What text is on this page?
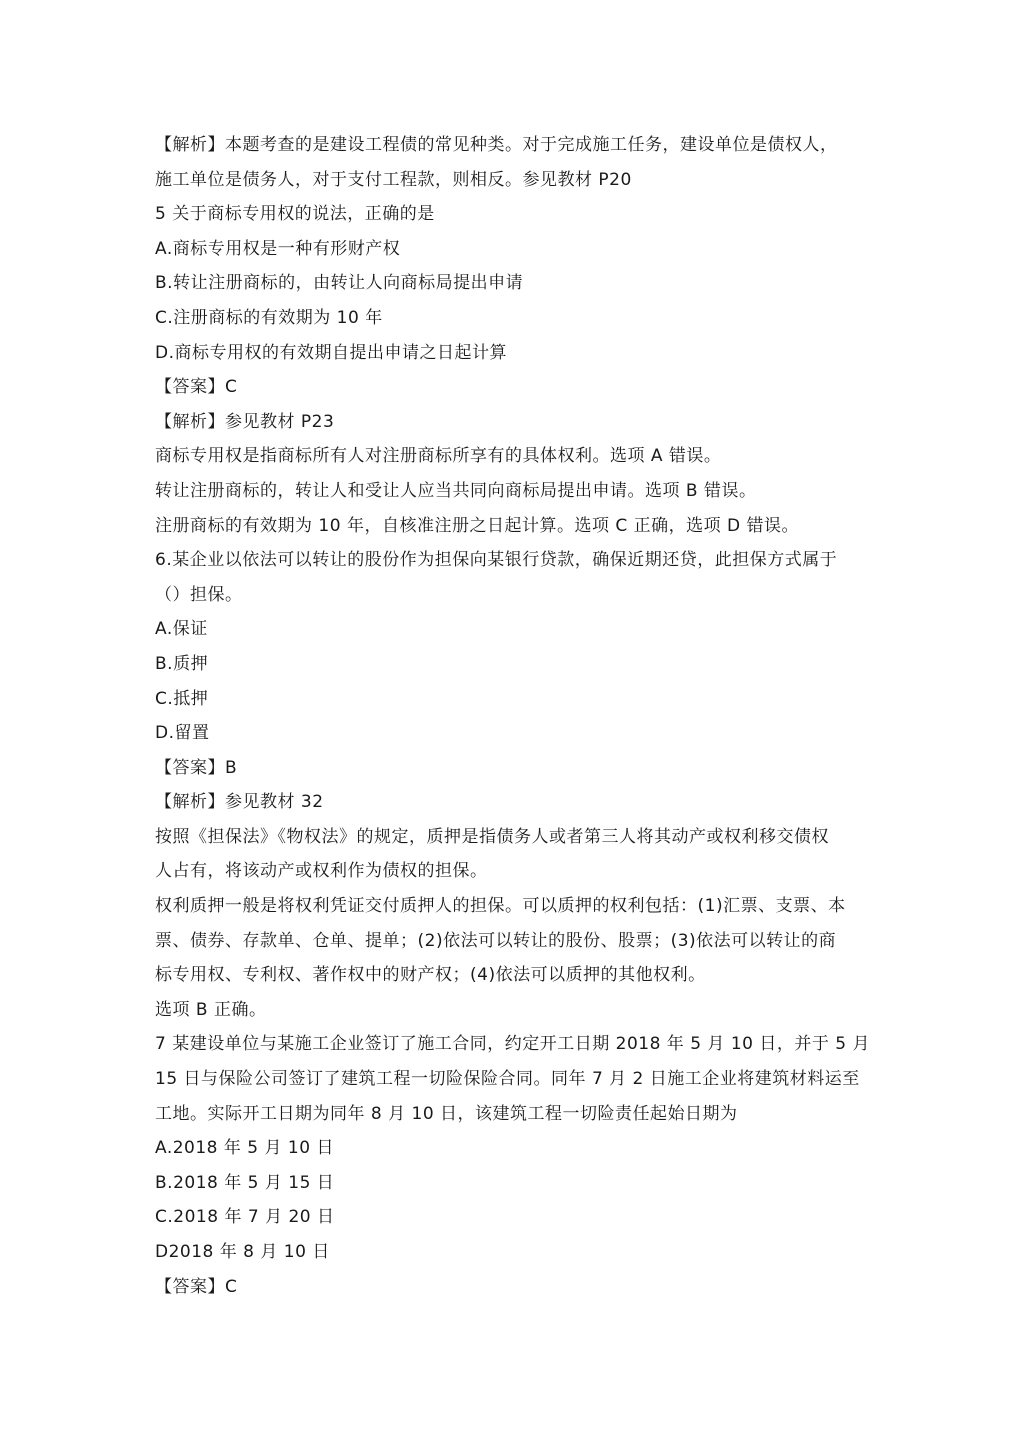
【解析】本题考查的是建设工程债的常见种类。对于完成施工任务，建设单位是债权人，
施工单位是债务人，对于支付工程款，则相反。参见教材 P20
5 关于商标专用权的说法，正确的是
A.商标专用权是一种有形财产权
B.转让注册商标的，由转让人向商标局提出申请
C.注册商标的有效期为 10 年
D.商标专用权的有效期自提出申请之日起计算
【答案】C
【解析】参见教材 P23
商标专用权是指商标所有人对注册商标所享有的具体权利。选项 A 错误。
转让注册商标的，转让人和受让人应当共同向商标局提出申请。选项 B 错误。
注册商标的有效期为 10 年，自核准注册之日起计算。选项 C 正确，选项 D 错误。
6.某企业以依法可以转让的股份作为担保向某银行贷款，确保近期还贷，此担保方式属于
（）担保。
A.保证
B.质押
C.抵押
D.留置
【答案】B
【解析】参见教材 32
按照《担保法》《物权法》的规定，质押是指债务人或者第三人将其动产或权利移交债权
人占有，将该动产或权利作为债权的担保。
权利质押一般是将权利凭证交付质押人的担保。可以质押的权利包括：(1)汇票、支票、本
票、债券、存款单、仓单、提单；(2)依法可以转让的股份、股票；(3)依法可以转让的商
标专用权、专利权、著作权中的财产权；(4)依法可以质押的其他权利。
选项 B 正确。
7 某建设单位与某施工企业签订了施工合同，约定开工日期 2018 年 5 月 10 日，并于 5 月
15 日与保险公司签订了建筑工程一切险保险合同。同年 7 月 2 日施工企业将建筑材料运至
工地。实际开工日期为同年 8 月 10 日，该建筑工程一切险责任起始日期为
A.2018 年 5 月 10 日
B.2018 年 5 月 15 日
C.2018 年 7 月 20 日
D2018 年 8 月 10 日
【答案】C
